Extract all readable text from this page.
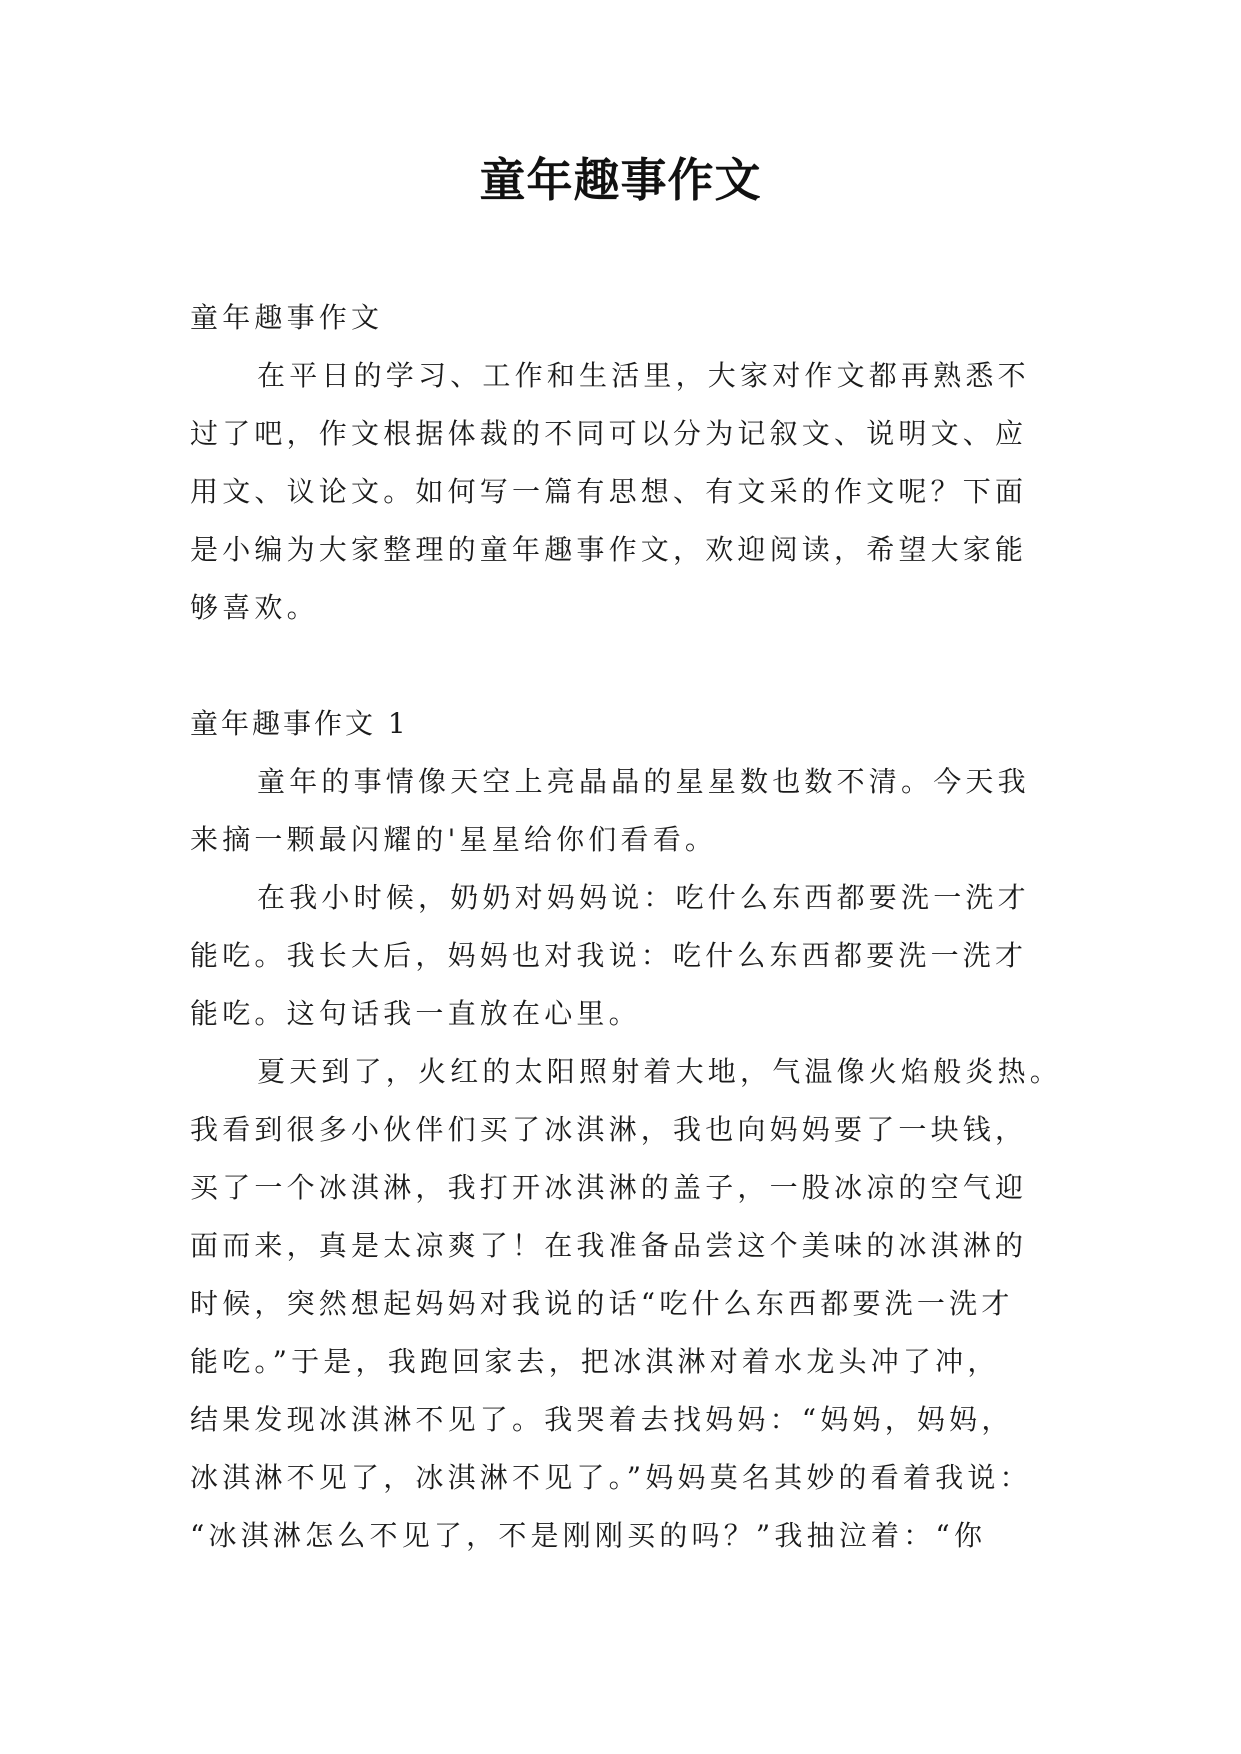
童年趣事作文
童年趣事作文
在平日的学习、工作和生活里，大家对作文都再熟悉不
过了吧，作文根据体裁的不同可以分为记叙文、说明文、应
用文、议论文。如何写一篇有思想、有文采的作文呢？下面
是小编为大家整理的童年趣事作文，欢迎阅读，希望大家能
够喜欢。
童年趣事作文 1
童年的事情像天空上亮晶晶的星星数也数不清。今天我
来摘一颗最闪耀的'星星给你们看看。
在我小时候，奶奶对妈妈说：吃什么东西都要洗一洗才
能吃。我长大后，妈妈也对我说：吃什么东西都要洗一洗才
能吃。这句话我一直放在心里。
夏天到了，火红的太阳照射着大地，气温像火焰般炎热。
我看到很多小伙伴们买了冰淇淋，我也向妈妈要了一块钱，
买了一个冰淇淋，我打开冰淇淋的盖子，一股冰凉的空气迎
面而来，真是太凉爽了！在我准备品尝这个美味的冰淇淋的
时候，突然想起妈妈对我说的话“吃什么东西都要洗一洗才
能吃。”于是，我跑回家去，把冰淇淋对着水龙头冲了冲，
结果发现冰淇淋不见了。我哭着去找妈妈：“妈妈，妈妈，
冰淇淋不见了，冰淇淋不见了。”妈妈莫名其妙的看着我说：
“冰淇淋怎么不见了，不是刚刚买的吗？”我抽泣着：“你
